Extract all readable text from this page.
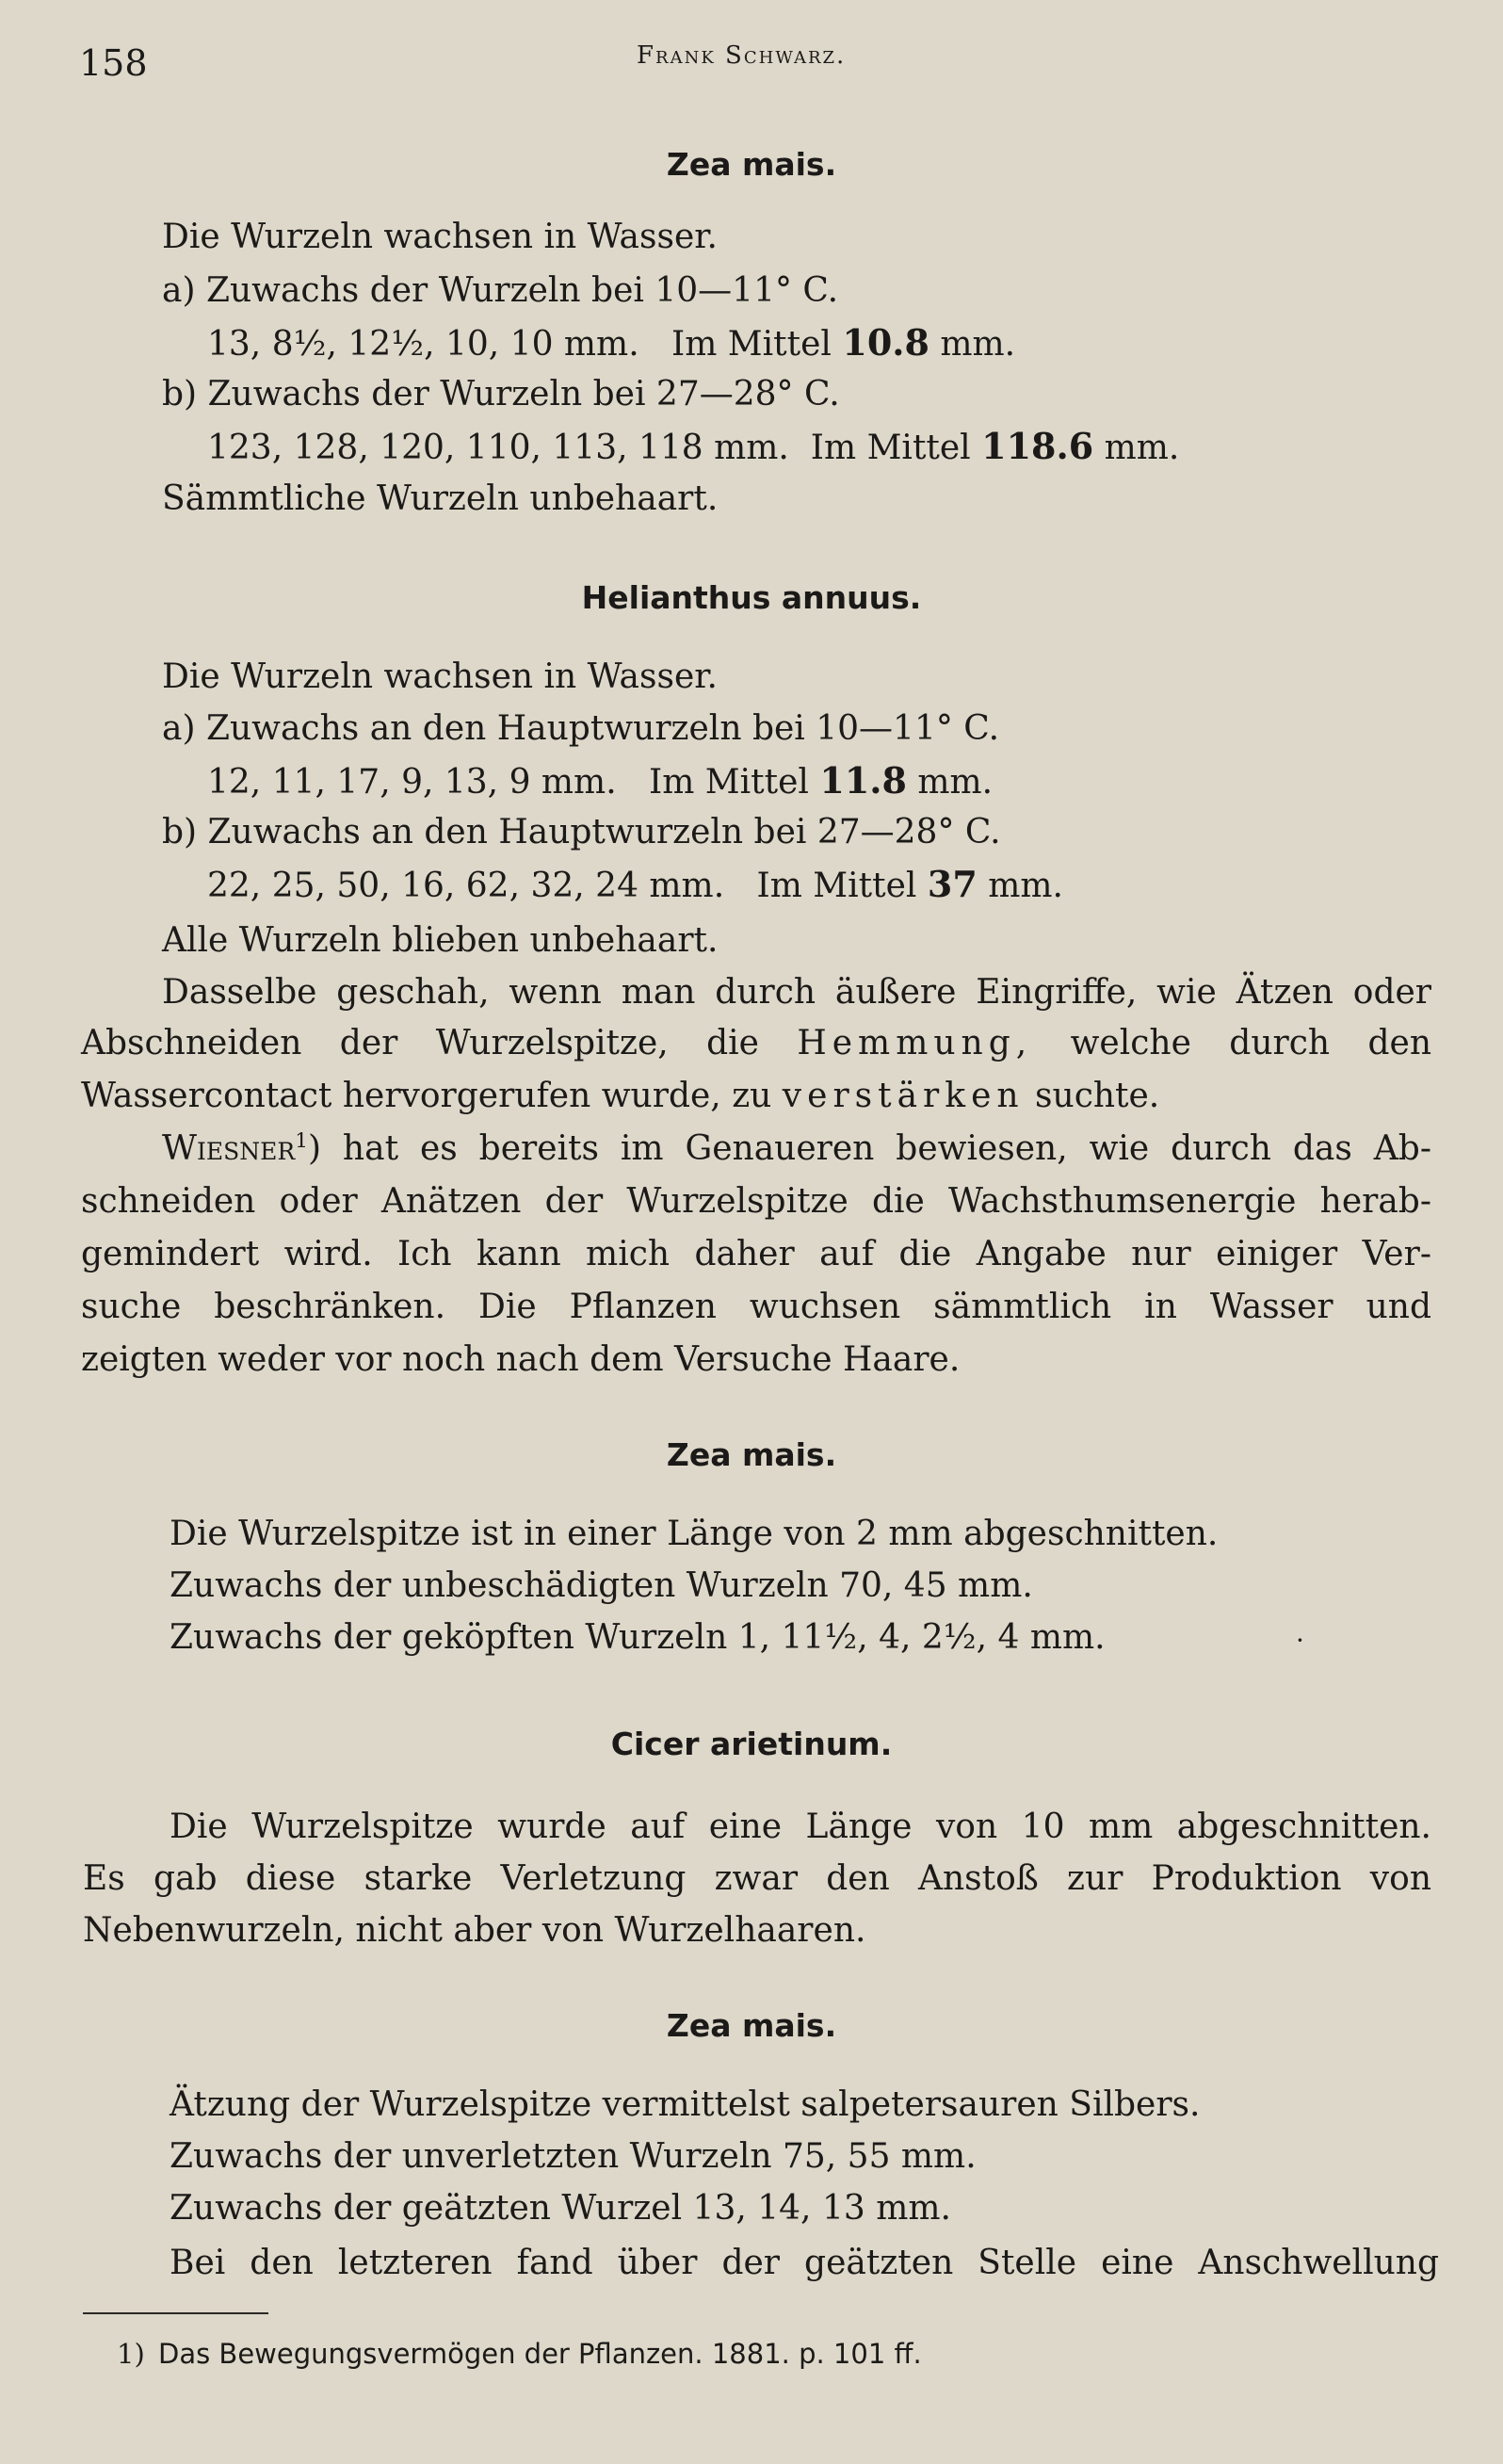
158	Frank Schwarz.
Zea mais.
Die Wurzeln wachsen in Wasser.
a) Zuwachs der Wurzeln bei 10—11° C.
13, 8½, 12½, 10, 10 mm. Im Mittel 10.8 mm.
b) Zuwachs der Wurzeln bei 27—28° C.
123, 128, 120, 110, 113, 118 mm. Im Mittel 118.6 mm.
Sämmtliche Wurzeln unbehaart.
Helianthus annuus.
Die Wurzeln wachsen in Wasser.
a) Zuwachs an den Hauptwurzeln bei 10—11° C.
12, 11, 17, 9, 13, 9 mm. Im Mittel 11.8 mm.
b) Zuwachs an den Hauptwurzeln bei 27—28° C.
22, 25, 50, 16, 62, 32, 24 mm. Im Mittel 37 mm.
Alle Wurzeln blieben unbehaart.
Dasselbe geschah, wenn man durch äußere Eingriffe, wie Ätzen oder
Abschneiden der Wurzelspitze, die Hemmung, welche durch den
Wassercontact hervorgerufen wurde, zu verstärken suchte.
Wiesner$^1$) hat es bereits im Genaueren bewiesen, wie durch das Ab-
schneiden oder Anätzen der Wurzelspitze die Wachsthumsenergie herab-
gemindert wird. Ich kann mich daher auf die Angabe nur einiger Ver-
suche beschränken. Die Pflanzen wuchsen sämmtlich in Wasser und
zeigten weder vor noch nach dem Versuche Haare.
Zea mais.
Die Wurzelspitze ist in einer Länge von 2 mm abgeschnitten.
Zuwachs der unbeschädigten Wurzeln 70, 45 mm.
Zuwachs der geköpften Wurzeln 1, 11½, 4, 2½, 4 mm.	·
Cicer arietinum.
Die Wurzelspitze wurde auf eine Länge von 10 mm abgeschnitten.
Es gab diese starke Verletzung zwar den Anstoß zur Produktion von
Nebenwurzeln, nicht aber von Wurzelhaaren.
Zea mais.
Ätzung der Wurzelspitze vermittelst salpetersauren Silbers.
Zuwachs der unverletzten Wurzeln 75, 55 mm.
Zuwachs der geätzten Wurzel 13, 14, 13 mm.
Bei den letzteren fand über der geätzten Stelle eine Anschwellung
1) Das Bewegungsvermögen der Pflanzen. 1881. p. 101 ff.
